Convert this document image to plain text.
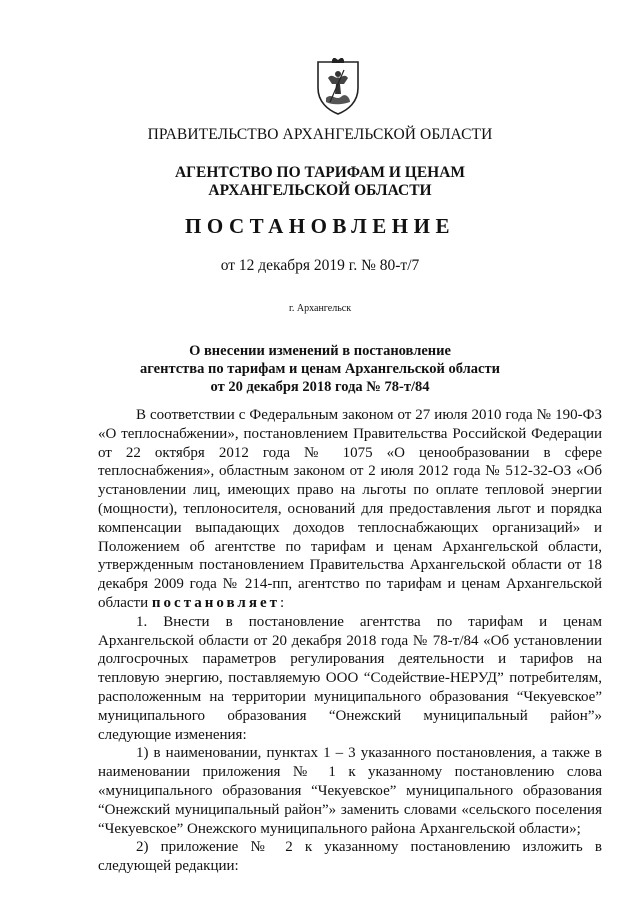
ПРАВИТЕЛЬСТВО АРХАНГЕЛЬСКОЙ ОБЛАСТИ
АГЕНТСТВО ПО ТАРИФАМ И ЦЕНАМ
АРХАНГЕЛЬСКОЙ ОБЛАСТИ
ПОСТАНОВЛЕНИЕ
от 12 декабря 2019 г. № 80-т/7
г. Архангельск
О внесении изменений в постановление
агентства по тарифам и ценам Архангельской области
от 20 декабря 2018 года № 78-т/84

В соответствии с Федеральным законом от 27 июля 2010 года № 190-ФЗ «О теплоснабжении», постановлением Правительства Российской Федерации от 22 октября 2012 года № 1075 «О ценообразовании в сфере теплоснабжения», областным законом от 2 июля 2012 года № 512-32-ОЗ «Об установлении лиц, имеющих право на льготы по оплате тепловой энергии (мощности), теплоносителя, оснований для предоставления льгот и порядка компенсации выпадающих доходов теплоснабжающих организаций» и Положением об агентстве по тарифам и ценам Архангельской области, утвержденным постановлением Правительства Архангельской области от 18 декабря 2009 года № 214-пп, агентство по тарифам и ценам Архангельской области постановляет:

1. Внести в постановление агентства по тарифам и ценам Архангельской области от 20 декабря 2018 года № 78-т/84 «Об установлении долгосрочных параметров регулирования деятельности и тарифов на тепловую энергию, поставляемую ООО “Содействие-НЕРУД” потребителям, расположенным на территории муниципального образования “Чекуевское” муниципального образования “Онежский муниципальный район”» следующие изменения:

1) в наименовании, пунктах 1 – 3 указанного постановления, а также в наименовании приложения № 1 к указанному постановлению слова «муниципального образования “Чекуевское” муниципального образования “Онежский муниципальный район”» заменить словами «сельского поселения “Чекуевское” Онежского муниципального района Архангельской области»;

2) приложение № 2 к указанному постановлению изложить в следующей редакции:
